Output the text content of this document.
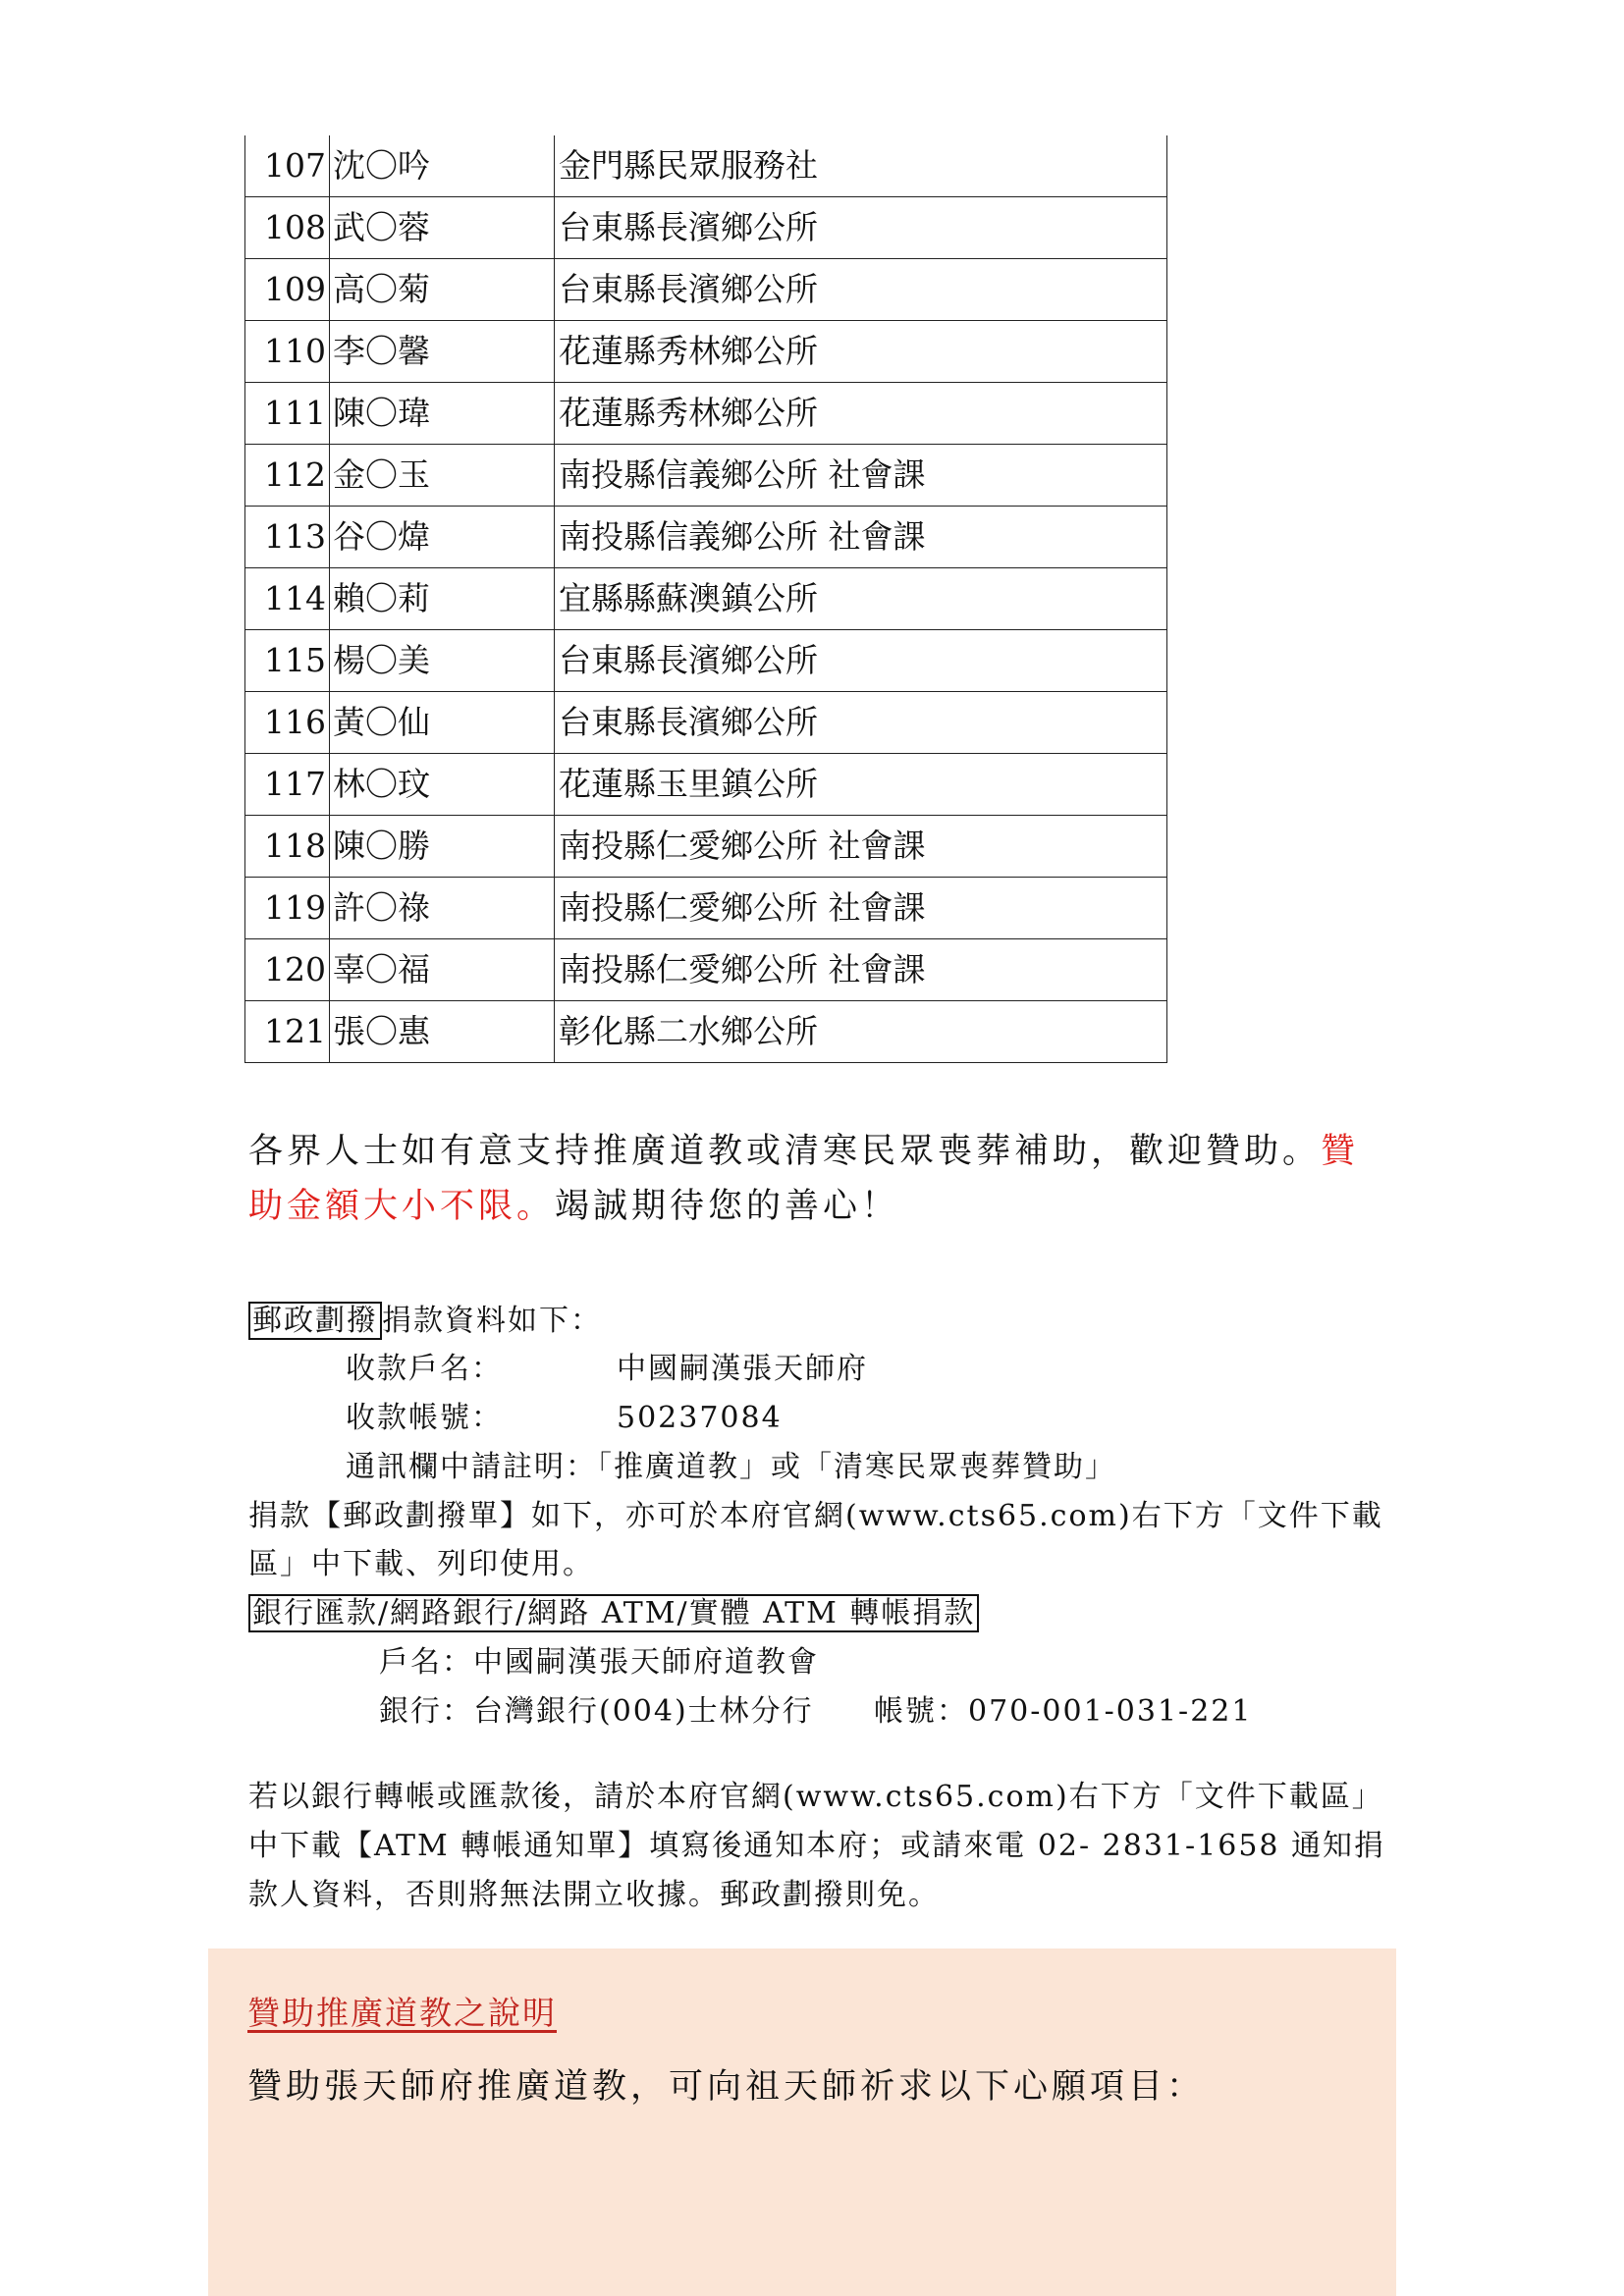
107	沈〇吟	金門縣民眾服務社
108	武〇蓉	台東縣長濱鄉公所
109	高〇菊	台東縣長濱鄉公所
110	李〇馨	花蓮縣秀林鄉公所
111	陳〇瑋	花蓮縣秀林鄉公所
112	金〇玉	南投縣信義鄉公所 社會課
113	谷〇煒	南投縣信義鄉公所 社會課
114	賴〇莉	宜縣縣蘇澳鎮公所
115	楊〇美	台東縣長濱鄉公所
116	黃〇仙	台東縣長濱鄉公所
117	林〇玟	花蓮縣玉里鎮公所
118	陳〇勝	南投縣仁愛鄉公所 社會課
119	許〇祿	南投縣仁愛鄉公所 社會課
120	辜〇福	南投縣仁愛鄉公所 社會課
121	張〇惠	彰化縣二水鄉公所
各界人士如有意支持推廣道教或清寒民眾喪葬補助，歡迎贊助。贊助金額大小不限。竭誠期待您的善心！
郵政劃撥 捐款資料如下：
收款戶名：	中國嗣漢張天師府
收款帳號：	50237084
通訊欄中請註明：「推廣道教」或「清寒民眾喪葬贊助」
捐款【郵政劃撥單】如下，亦可於本府官網(www.cts65.com)右下方「文件下載
區」中下載、列印使用。
銀行匯款/網路銀行/網路 ATM/實體 ATM 轉帳捐款
戶名：中國嗣漢張天師府道教會
銀行：台灣銀行(004)士林分行 帳號：070-001-031-221
若以銀行轉帳或匯款後，請於本府官網(www.cts65.com)右下方「文件下載區」
中下載【ATM 轉帳通知單】填寫後通知本府；或請來電 02- 2831-1658 通知捐
款人資料，否則將無法開立收據。郵政劃撥則免。
贊助推廣道教之說明
贊助張天師府推廣道教，可向祖天師祈求以下心願項目：
